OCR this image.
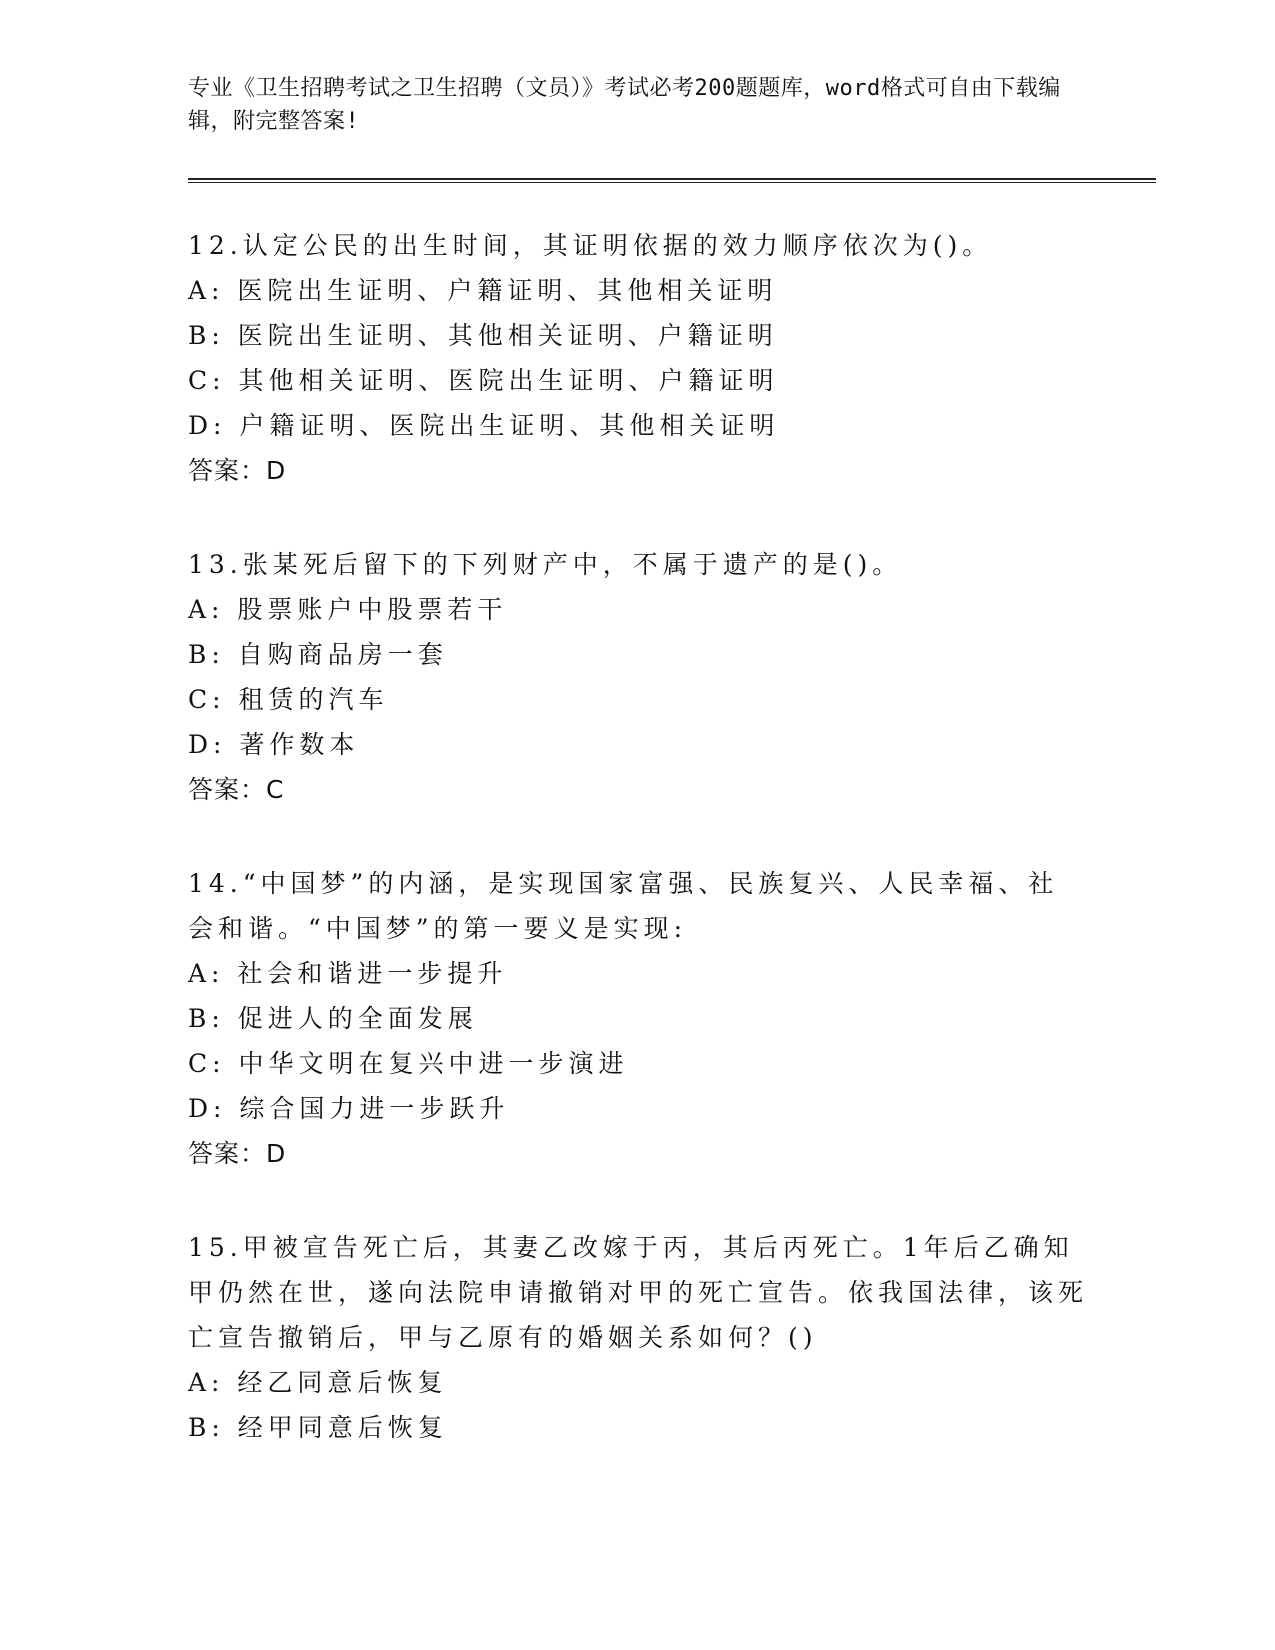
专业《卫生招聘考试之卫生招聘（文员）》考试必考200题题库，word格式可自由下载编辑，附完整答案!
12.认定公民的出生时间，其证明依据的效力顺序依次为()。
A: 医院出生证明、户籍证明、其他相关证明
B: 医院出生证明、其他相关证明、户籍证明
C: 其他相关证明、医院出生证明、户籍证明
D: 户籍证明、医院出生证明、其他相关证明
答案：D
13.张某死后留下的下列财产中，不属于遗产的是()。
A: 股票账户中股票若干
B: 自购商品房一套
C: 租赁的汽车
D: 著作数本
答案：C
14.“中国梦”的内涵，是实现国家富强、民族复兴、人民幸福、社会和谐。“中国梦”的第一要义是实现:
A: 社会和谐进一步提升
B: 促进人的全面发展
C: 中华文明在复兴中进一步演进
D: 综合国力进一步跃升
答案：D
15.甲被宣告死亡后，其妻乙改嫁于丙，其后丙死亡。1年后乙确知甲仍然在世，遂向法院申请撤销对甲的死亡宣告。依我国法律，该死亡宣告撤销后，甲与乙原有的婚姻关系如何？()
A: 经乙同意后恢复
B: 经甲同意后恢复
